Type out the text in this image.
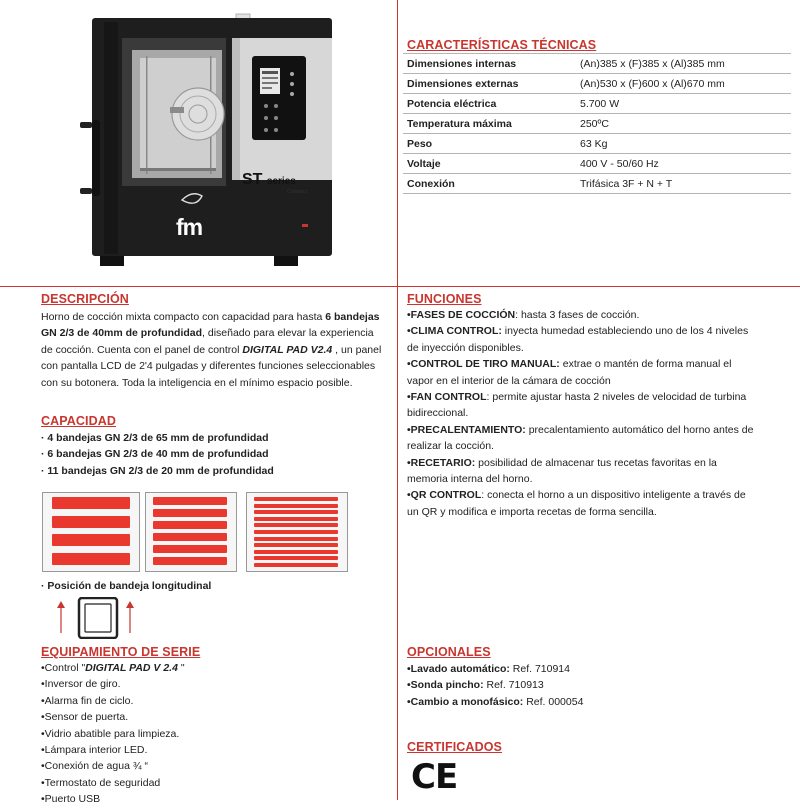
ST series
Compact
fm
CARACTERÍSTICAS TÉCNICAS
Dimensiones internas	(An)385 x (F)385 x (Al)385 mm
Dimensiones externas	(An)530 x (F)600 x (Al)670 mm
Potencia eléctrica	5.700 W
Temperatura máxima	250ºC
Peso	63 Kg
Voltaje	400 V - 50/60 Hz
Conexión	Trifásica 3F + N + T
DESCRIPCIÓN
Horno de cocción mixta compacto con capacidad para hasta 6 bandejas GN 2/3 de 40mm de profundidad, diseñado para elevar la experiencia de cocción. Cuenta con el panel de control DIGITAL PAD V2.4 , un panel con pantalla LCD de 2'4 pulgadas y diferentes funciones seleccionables con su botonera. Toda la inteligencia en el mínimo espacio posible.
CAPACIDAD
· 4 bandejas GN 2/3 de 65 mm de profundidad
· 6 bandejas GN 2/3 de 40 mm de profundidad
· 11 bandejas GN 2/3 de 20 mm de profundidad
· Posición de bandeja longitudinal
EQUIPAMIENTO DE SERIE
•Control "DIGITAL PAD V 2.4 "
•Inversor de giro.
•Alarma fin de ciclo.
•Sensor de puerta.
•Vidrio abatible para limpieza.
•Lámpara interior LED.
•Conexión de agua ¾ “
•Termostato de seguridad
•Puerto USB
FUNCIONES
•FASES DE COCCIÓN: hasta 3 fases de cocción.
•CLIMA CONTROL: inyecta humedad estableciendo uno de los 4 niveles de inyección disponibles.
•CONTROL DE TIRO MANUAL: extrae o mantén de forma manual el vapor en el interior de la cámara de cocción
•FAN CONTROL: permite ajustar hasta 2 niveles de velocidad de turbina bidireccional.
•PRECALENTAMIENTO: precalentamiento automático del horno antes de realizar la cocción.
•RECETARIO: posibilidad de almacenar tus recetas favoritas en la memoria interna del horno.
•QR CONTROL: conecta el horno a un dispositivo inteligente a través de un QR y modifica e importa recetas de forma sencilla.
OPCIONALES
•Lavado automático: Ref. 710914
•Sonda pincho: Ref. 710913
•Cambio a monofásico: Ref. 000054
CERTIFICADOS
CE
